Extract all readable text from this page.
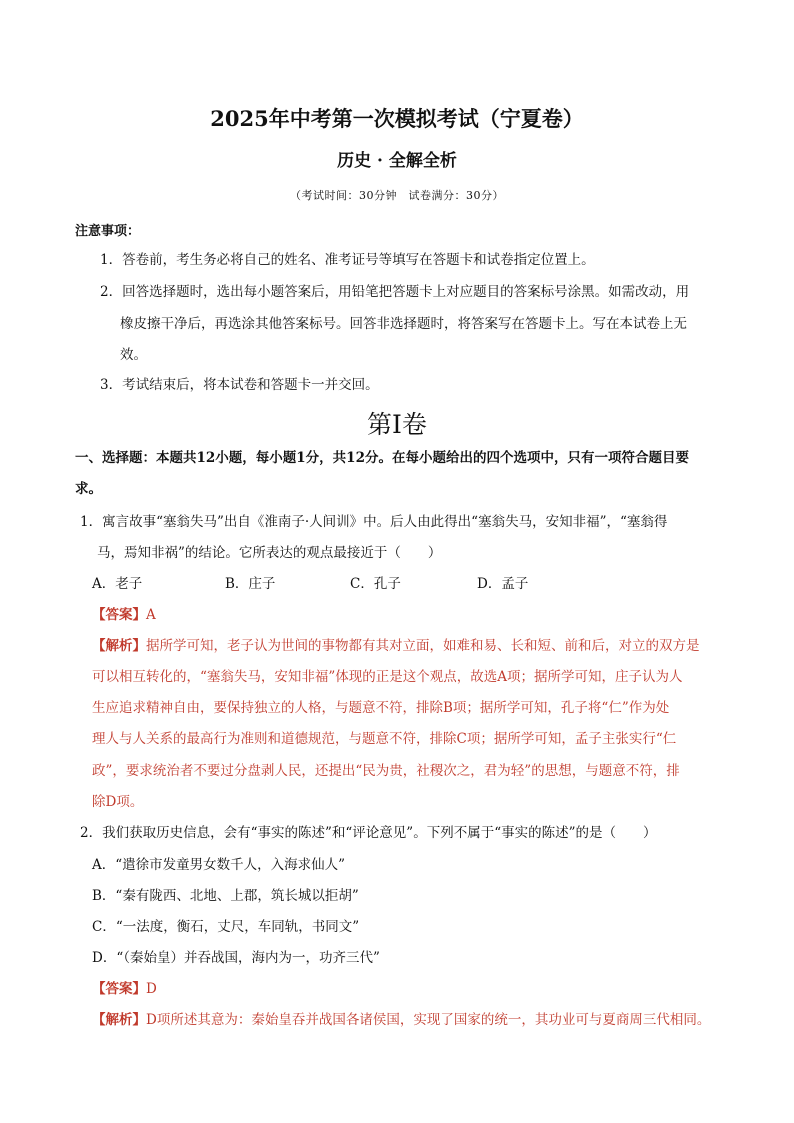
2025年中考第一次模拟考试（宁夏卷）
历史 · 全解全析
（考试时间：30分钟　试卷满分：30分）
注意事项：
1．答卷前，考生务必将自己的姓名、准考证号等填写在答题卡和试卷指定位置上。
2．回答选择题时，选出每小题答案后，用铅笔把答题卡上对应题目的答案标号涂黑。如需改动，用
橡皮擦干净后，再选涂其他答案标号。回答非选择题时，将答案写在答题卡上。写在本试卷上无
效。
3．考试结束后，将本试卷和答题卡一并交回。
第Ⅰ卷
一、选择题：本题共12小题，每小题1分，共12分。在每小题给出的四个选项中，只有一项符合题目要
求。
1．寓言故事“塞翁失马”出自《淮南子·人间训》中。后人由此得出“塞翁失马，安知非福”，“塞翁得
马，焉知非祸”的结论。它所表达的观点最接近于（　　）
A．老子	B．庄子	C．孔子	D．孟子
【答案】A
【解析】据所学可知，老子认为世间的事物都有其对立面，如难和易、长和短、前和后，对立的双方是
可以相互转化的，“塞翁失马，安知非福”体现的正是这个观点，故选A项；据所学可知，庄子认为人
生应追求精神自由，要保持独立的人格，与题意不符，排除B项；据所学可知，孔子将“仁”作为处
理人与人关系的最高行为准则和道德规范，与题意不符，排除C项；据所学可知，孟子主张实行“仁
政”，要求统治者不要过分盘剥人民，还提出“民为贵，社稷次之，君为轻”的思想，与题意不符，排
除D项。
2．我们获取历史信息，会有“事实的陈述”和“评论意见”。下列不属于“事实的陈述”的是（　　）
A．“遣徐市发童男女数千人，入海求仙人”
B．“秦有陇西、北地、上郡，筑长城以拒胡”
C．“一法度，衡石，丈尺，车同轨，书同文”
D．“（秦始皇）并吞战国，海内为一，功齐三代”
【答案】D
【解析】D项所述其意为：秦始皇吞并战国各诸侯国，实现了国家的统一，其功业可与夏商周三代相同。
